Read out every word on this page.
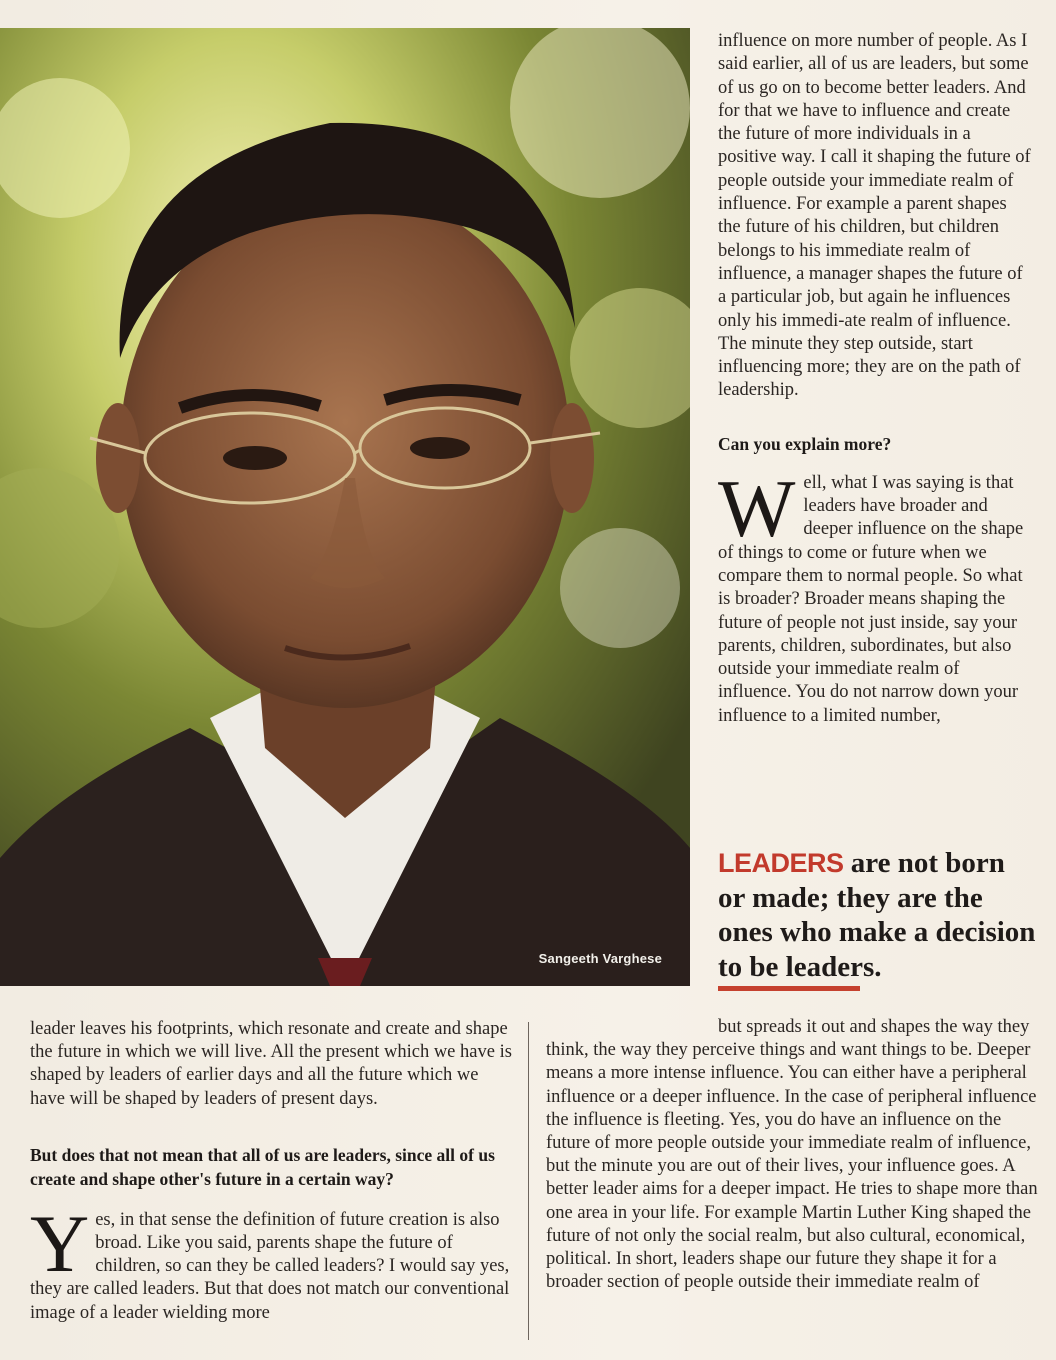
Sangeeth Varghese

influence on more number of people. As I said earlier, all of us are leaders, but some of us go on to become better leaders. And for that we have to influence and create the future of more individuals in a positive way. I call it shaping the future of people outside your immediate realm of influence. For example a parent shapes the future of his children, but children belongs to his immediate realm of influence, a manager shapes the future of a particular job, but again he influences only his immedi-ate realm of influence. The minute they step outside, start influencing more; they are on the path of leadership.

Can you explain more?

Well, what I was saying is that leaders have broader and deeper influence on the shape of things to come or future when we compare them to normal people. So what is broader? Broader means shaping the future of people not just inside, say your parents, children, subordinates, but also outside your immediate realm of influence. You do not narrow down your influence to a limited number,

LEADERS are not born or made; they are the ones who make a decision to be leaders.

leader leaves his footprints, which resonate and create and shape the future in which we will live. All the present which we have is shaped by leaders of earlier days and all the future which we have will be shaped by leaders of present days.

But does that not mean that all of us are leaders, since all of us create and shape other's future in a certain way?

Yes, in that sense the definition of future creation is also broad. Like you said, parents shape the future of children, so can they be called leaders? I would say yes, they are called leaders. But that does not match our conventional image of a leader wielding more

but spreads it out and shapes the way they think, the way they perceive things and want things to be. Deeper means a more intense influence. You can either have a peripheral influence or a deeper influence. In the case of peripheral influence the influence is fleeting. Yes, you do have an influence on the future of more people outside your immediate realm of influence, but the minute you are out of their lives, your influence goes. A better leader aims for a deeper impact. He tries to shape more than one area in your life. For example Martin Luther King shaped the future of not only the social realm, but also cultural, economical, political. In short, leaders shape our future they shape it for a broader section of people outside their immediate realm of
